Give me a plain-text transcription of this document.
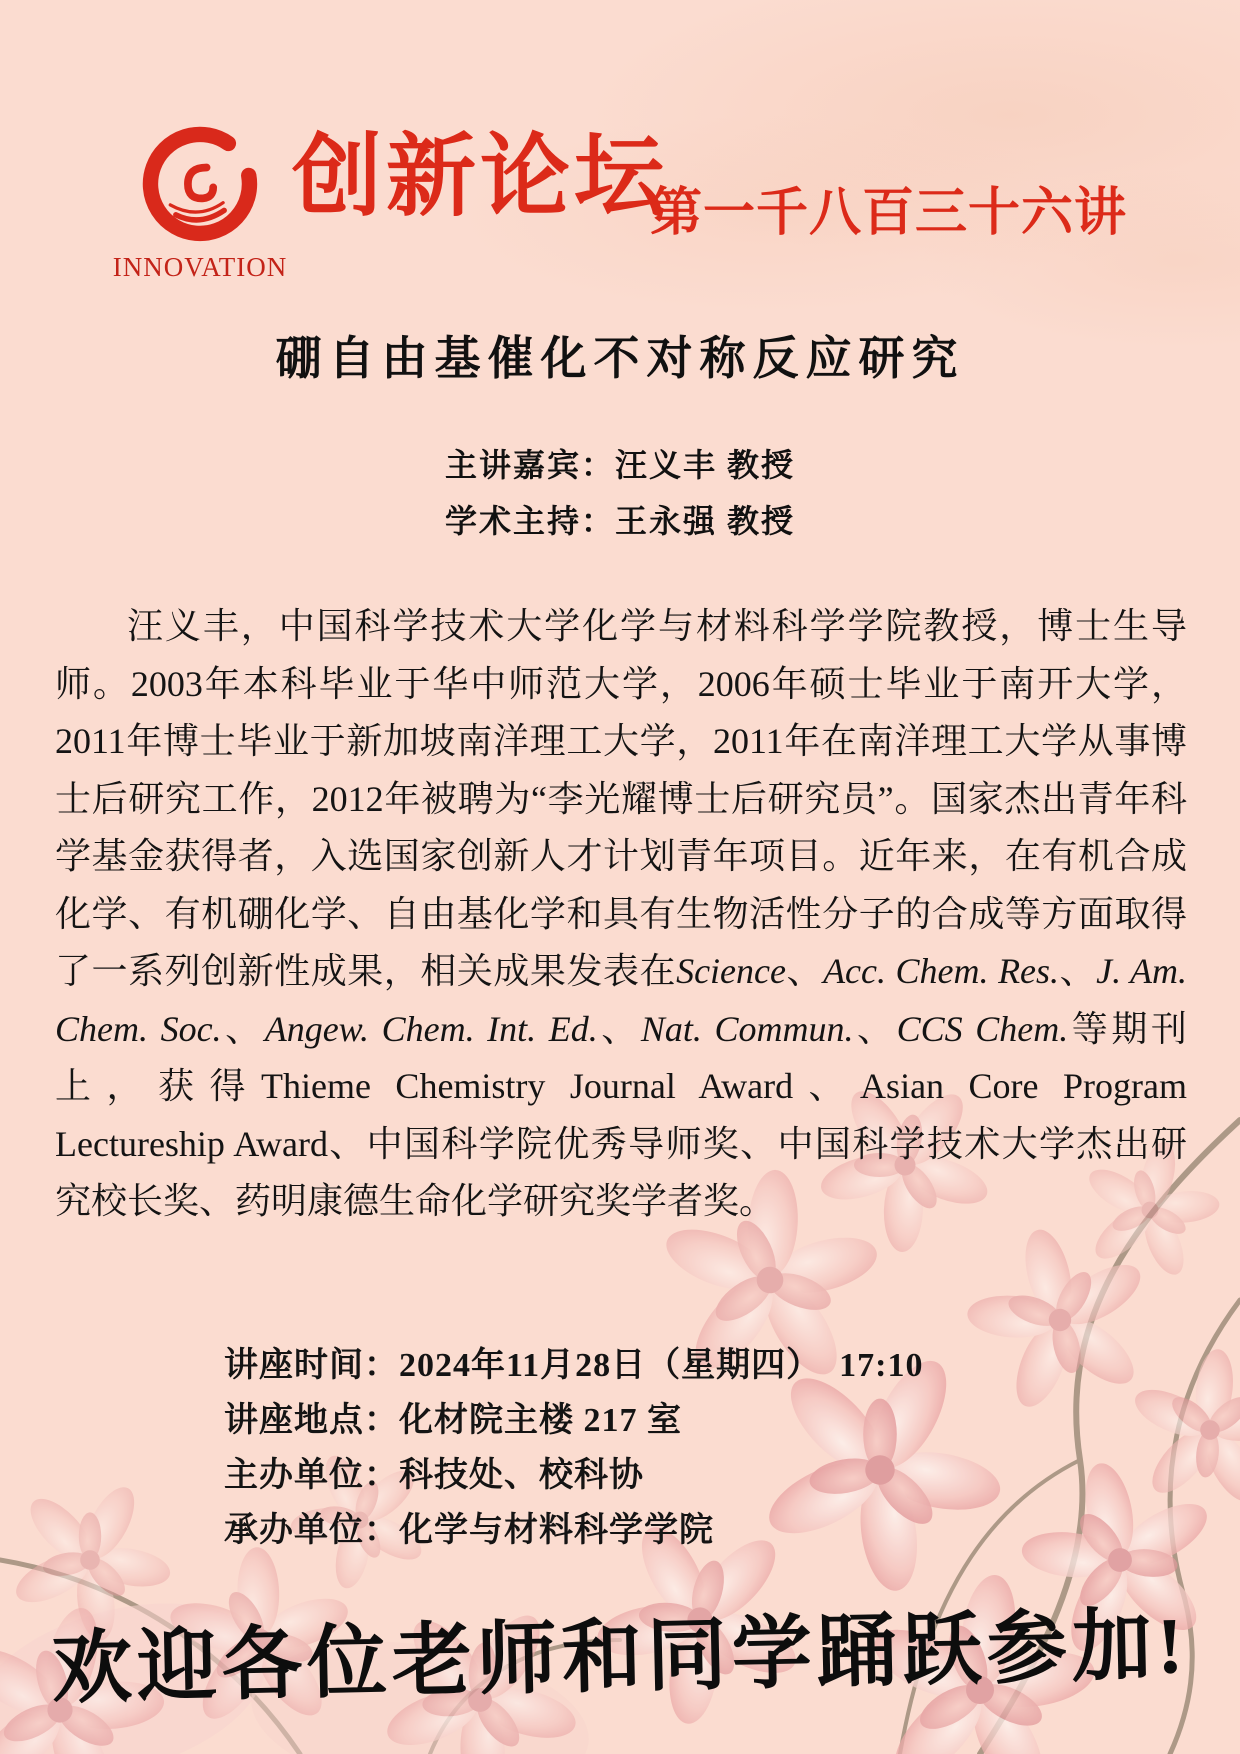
INNOVATION
创新论坛
第一千八百三十六讲
硼自由基催化不对称反应研究
主讲嘉宾：汪义丰 教授
学术主持：王永强 教授

汪义丰，中国科学技术大学化学与材料科学学院教授，博士生导师。2003年本科毕业于华中师范大学，2006年硕士毕业于南开大学，2011年博士毕业于新加坡南洋理工大学，2011年在南洋理工大学从事博士后研究工作，2012年被聘为“李光耀博士后研究员”。国家杰出青年科学基金获得者，入选国家创新人才计划青年项目。近年来，在有机合成化学、有机硼化学、自由基化学和具有生物活性分子的合成等方面取得了一系列创新性成果，相关成果发表在Science、Acc. Chem. Res.、J. Am. Chem. Soc.、Angew. Chem. Int. Ed.、Nat. Commun.、CCS Chem.等期刊上，获得Thieme Chemistry Journal Award、Asian Core Program Lectureship Award、中国科学院优秀导师奖、中国科学技术大学杰出研究校长奖、药明康德生命化学研究奖学者奖。

讲座时间：2024年11月28日（星期四）　17:10
讲座地点：化材院主楼 217 室
主办单位：科技处、校科协
承办单位：化学与材料科学学院
欢迎各位老师和同学踊跃参加!
